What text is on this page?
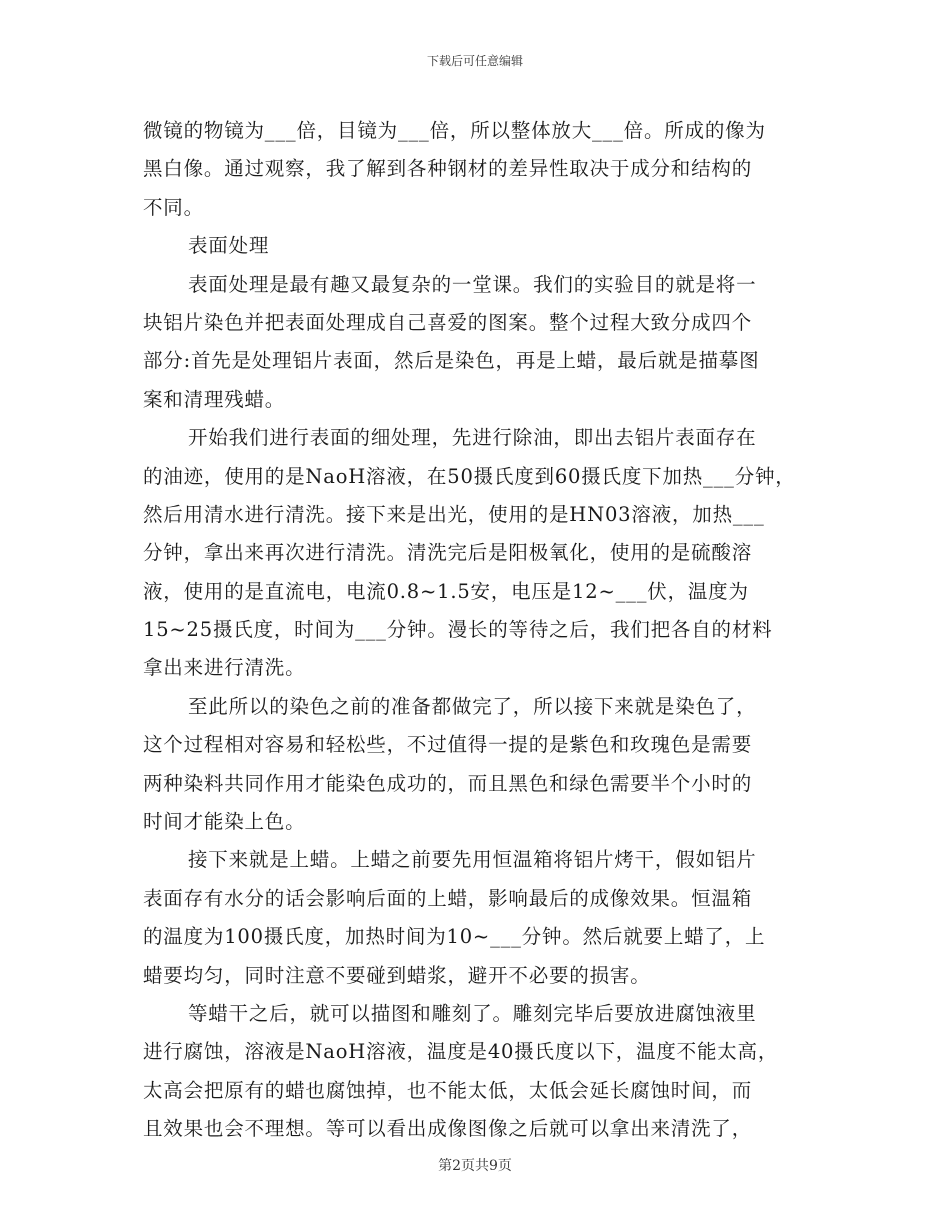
下载后可任意编辑
微镜的物镜为___倍，目镜为___倍，所以整体放大___倍。所成的像为
黑白像。通过观察，我了解到各种钢材的差异性取决于成分和结构的
不同。
表面处理
表面处理是最有趣又最复杂的一堂课。我们的实验目的就是将一
块铝片染色并把表面处理成自己喜爱的图案。整个过程大致分成四个
部分:首先是处理铝片表面，然后是染色，再是上蜡，最后就是描摹图
案和清理残蜡。
开始我们进行表面的细处理，先进行除油，即出去铝片表面存在
的油迹，使用的是NaoH溶液，在50摄氏度到60摄氏度下加热___分钟，
然后用清水进行清洗。接下来是出光，使用的是HN03溶液，加热___
分钟，拿出来再次进行清洗。清洗完后是阳极氧化，使用的是硫酸溶
液，使用的是直流电，电流0.8~1.5安，电压是12~___伏，温度为
15~25摄氏度，时间为___分钟。漫长的等待之后，我们把各自的材料
拿出来进行清洗。
至此所以的染色之前的准备都做完了，所以接下来就是染色了，
这个过程相对容易和轻松些，不过值得一提的是紫色和玫瑰色是需要
两种染料共同作用才能染色成功的，而且黑色和绿色需要半个小时的
时间才能染上色。
接下来就是上蜡。上蜡之前要先用恒温箱将铝片烤干，假如铝片
表面存有水分的话会影响后面的上蜡，影响最后的成像效果。恒温箱
的温度为100摄氏度，加热时间为10~___分钟。然后就要上蜡了，上
蜡要均匀，同时注意不要碰到蜡浆，避开不必要的损害。
等蜡干之后，就可以描图和雕刻了。雕刻完毕后要放进腐蚀液里
进行腐蚀，溶液是NaoH溶液，温度是40摄氏度以下，温度不能太高，
太高会把原有的蜡也腐蚀掉，也不能太低，太低会延长腐蚀时间，而
且效果也会不理想。等可以看出成像图像之后就可以拿出来清洗了，
第2页共9页
